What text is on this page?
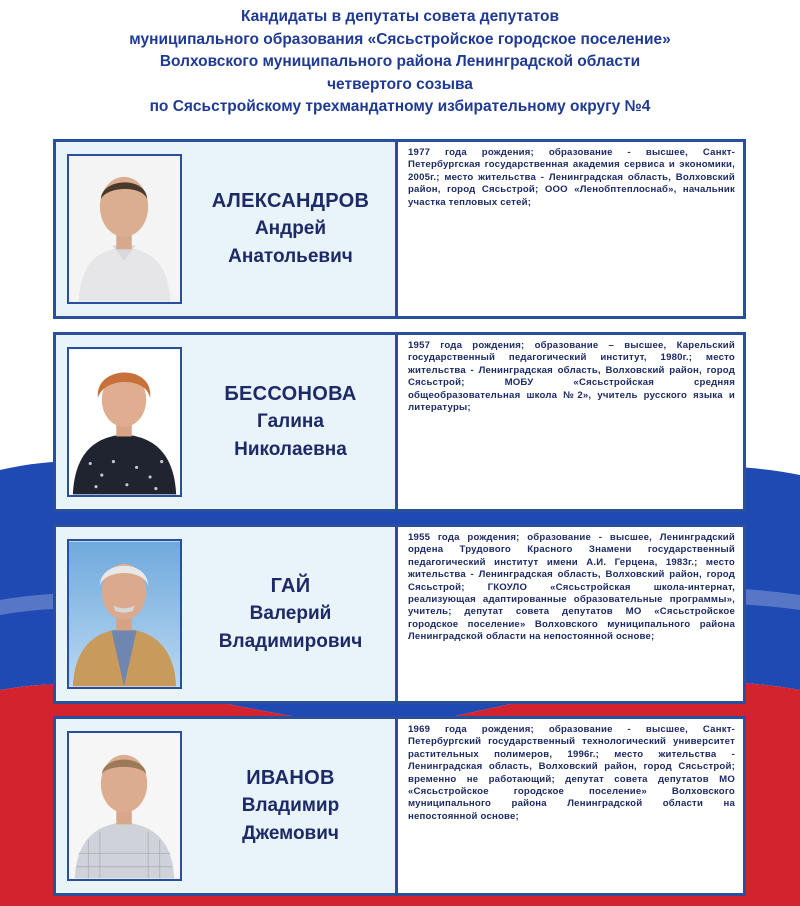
Кандидаты в депутаты совета депутатов
муниципального образования «Сясьстройское городское поселение»
Волховского муниципального района Ленинградской области
четвертого созыва
по Сясьстройскому трехмандатному избирательному округу №4
АЛЕКСАНДРОВ
Андрей
Анатольевич

1977 года рождения; образование - высшее, Санкт-Петербургская государственная академия сервиса и экономики, 2005г.; место жительства - Ленинградская область, Волховский район, город Сясьстрой; ООО «Ленобптеплоснаб», начальник участка тепловых сетей;

БЕССОНОВА
Галина
Николаевна

1957 года рождения; образование – высшее, Карельский государственный педагогический институт, 1980г.; место жительства - Ленинградская область, Волховский район, город Сясьстрой; МОБУ «Сясьстройская средняя общеобразовательная школа №2», учитель русского языка и литературы;

ГАЙ
Валерий
Владимирович

1955 года рождения; образование - высшее, Ленинградский ордена Трудового Красного Знамени государственный педагогический институт имени А.И. Герцена, 1983г.; место жительства - Ленинградская область, Волховский район, город Сясьстрой; ГКОУЛО «Сясьстройская школа-интернат, реализующая адаптированные образовательные программы», учитель; депутат совета депутатов МО «Сясьстройское городское поселение» Волховского муниципального района Ленинградской области на непостоянной основе;

ИВАНОВ
Владимир
Джемович

1969 года рождения; образование - высшее, Санкт-Петербургский государственный технологический университет растительных полимеров, 1996г.; место жительства - Ленинградская область, Волховский район, город Сясьстрой; временно не работающий; депутат совета депутатов МО «Сясьстройское городское поселение» Волховского муниципального района Ленинградской области на непостоянной основе;
